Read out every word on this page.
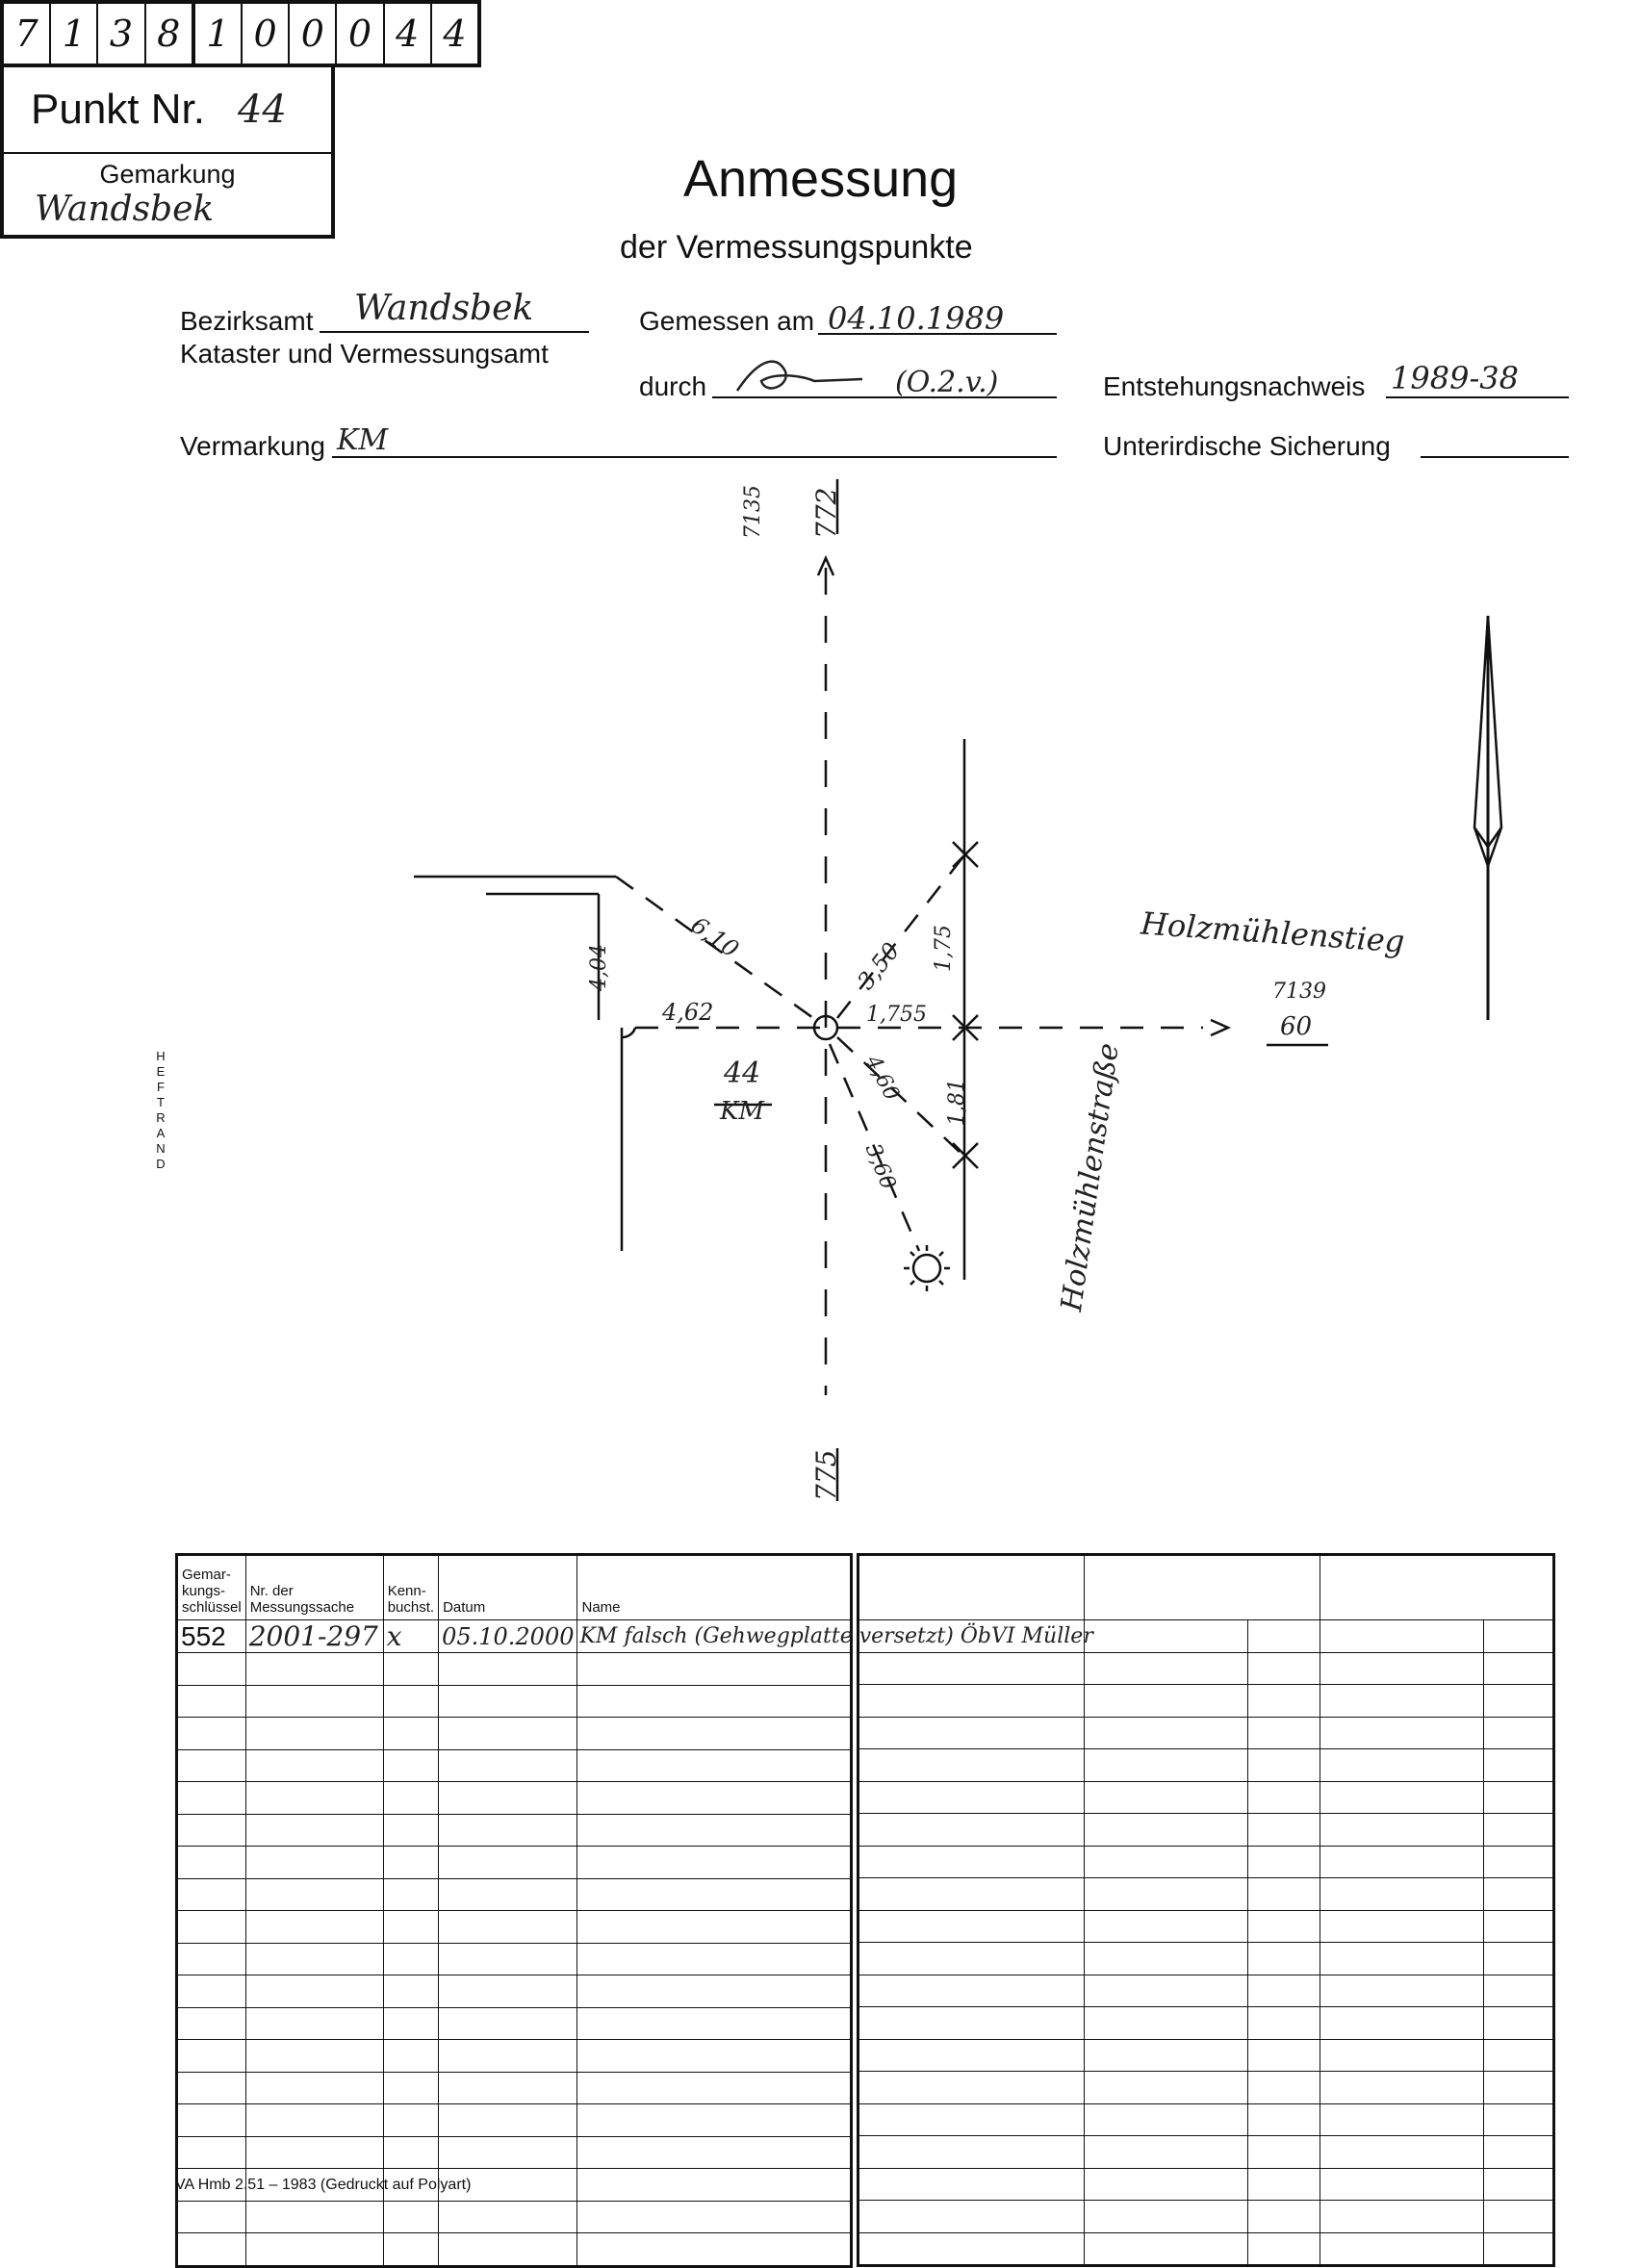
7 1 3 8 1 0 0 0 4 4
Punkt Nr. 44
Gemarkung
Wandsbek
Anmessung
der Vermessungspunkte
Bezirksamt Wandsbek
Kataster und Vermessungsamt
Gemessen am 04.10.1989
durch	(O.2.v.)	Entstehungsnachweis 1989-38
Vermarkung KM	Unterirdische Sicherung
7135 772
775
Holzmühlenstieg
Holzmühlenstraße
7139
60
44
KM
4,04
4,62
6,10
3,50 1,75
1,755
4,60 1,81
3,60
HEFTRAND
Gemar-kungs-schlüssel	Nr. der Messungssache	Kenn-buchst.	Datum	Name
552	2001-297	x	05.10.2000	KM falsch (Gehwegplatte versetzt) ÖbVI Müller

VA Hmb 2.51 – 1983 (Gedruckt auf Polyart)
